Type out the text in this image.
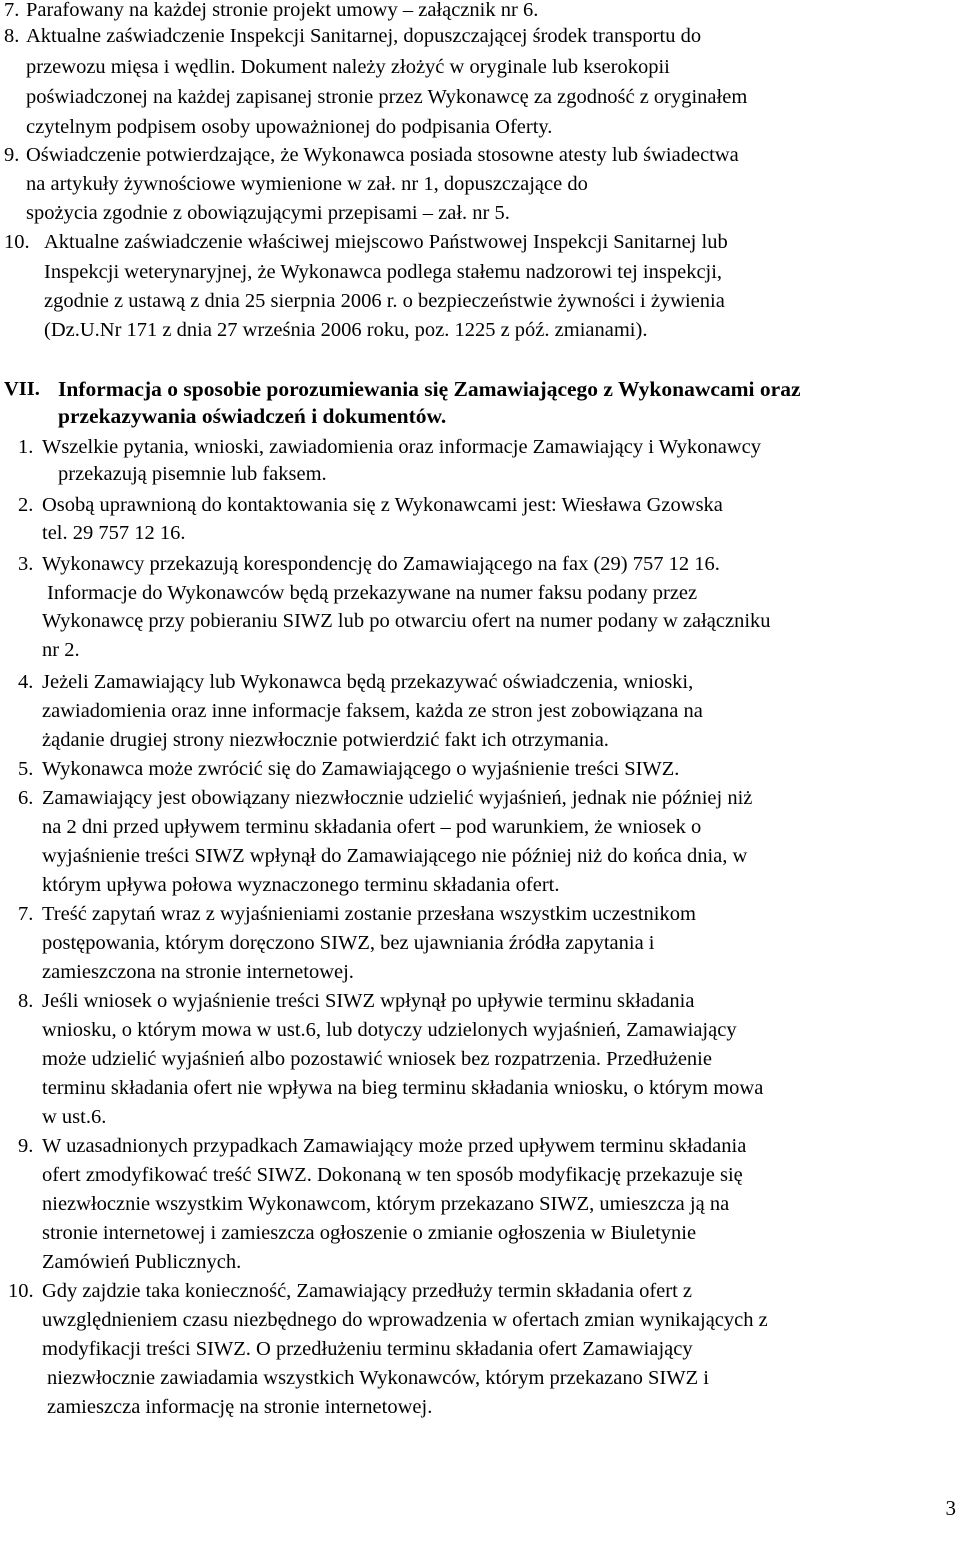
7. Parafowany na każdej stronie projekt umowy – załącznik nr 6.
8. Aktualne zaświadczenie Inspekcji Sanitarnej, dopuszczającej środek transportu do
przewozu mięsa i wędlin. Dokument należy złożyć w oryginale lub kserokopii
poświadczonej na każdej zapisanej stronie przez Wykonawcę za zgodność z oryginałem
czytelnym podpisem osoby upoważnionej do podpisania Oferty.
9. Oświadczenie potwierdzające, że Wykonawca posiada stosowne atesty lub świadectwa
na artykuły żywnościowe wymienione w zał. nr 1, dopuszczające do
spożycia zgodnie z obowiązującymi przepisami – zał. nr 5.
10. Aktualne zaświadczenie właściwej miejscowo Państwowej Inspekcji Sanitarnej lub
Inspekcji weterynaryjnej, że Wykonawca podlega stałemu nadzorowi tej inspekcji,
zgodnie z ustawą z dnia 25 sierpnia 2006 r. o bezpieczeństwie żywności i żywienia
(Dz.U.Nr 171 z dnia 27 września 2006 roku, poz. 1225 z póź. zmianami).
VII. Informacja o sposobie porozumiewania się Zamawiającego z Wykonawcami oraz
przekazywania oświadczeń i dokumentów.
1. Wszelkie pytania, wnioski, zawiadomienia oraz informacje Zamawiający i Wykonawcy
przekazują pisemnie lub faksem.
2. Osobą uprawnioną do kontaktowania się z Wykonawcami jest: Wiesława Gzowska
tel. 29 757 12 16.
3. Wykonawcy przekazują korespondencję do Zamawiającego na fax (29) 757 12 16.
Informacje do Wykonawców będą przekazywane na numer faksu podany przez
Wykonawcę przy pobieraniu SIWZ lub po otwarciu ofert na numer podany w załączniku
nr 2.
4. Jeżeli Zamawiający lub Wykonawca będą przekazywać oświadczenia, wnioski,
zawiadomienia oraz inne informacje faksem, każda ze stron jest zobowiązana na
żądanie drugiej strony niezwłocznie potwierdzić fakt ich otrzymania.
5. Wykonawca może zwrócić się do Zamawiającego o wyjaśnienie treści SIWZ.
6. Zamawiający jest obowiązany niezwłocznie udzielić wyjaśnień, jednak nie później niż
na 2 dni przed upływem terminu składania ofert – pod warunkiem, że wniosek o
wyjaśnienie treści SIWZ wpłynął do Zamawiającego nie później niż do końca dnia, w
którym upływa połowa wyznaczonego terminu składania ofert.
7. Treść zapytań wraz z wyjaśnieniami zostanie przesłana wszystkim uczestnikom
postępowania, którym doręczono SIWZ, bez ujawniania źródła zapytania i
zamieszczona na stronie internetowej.
8. Jeśli wniosek o wyjaśnienie treści SIWZ wpłynął po upływie terminu składania
wniosku, o którym mowa w ust.6, lub dotyczy udzielonych wyjaśnień, Zamawiający
może udzielić wyjaśnień albo pozostawić wniosek bez rozpatrzenia. Przedłużenie
terminu składania ofert nie wpływa na bieg terminu składania wniosku, o którym mowa
w ust.6.
9. W uzasadnionych przypadkach Zamawiający może przed upływem terminu składania
ofert zmodyfikować treść SIWZ. Dokonaną w ten sposób modyfikację przekazuje się
niezwłocznie wszystkim Wykonawcom, którym przekazano SIWZ, umieszcza ją na
stronie internetowej i zamieszcza ogłoszenie o zmianie ogłoszenia w Biuletynie
Zamówień Publicznych.
10. Gdy zajdzie taka konieczność, Zamawiający przedłuży termin składania ofert z
uwzględnieniem czasu niezbędnego do wprowadzenia w ofertach zmian wynikających z
modyfikacji treści SIWZ. O przedłużeniu terminu składania ofert Zamawiający
niezwłocznie zawiadamia wszystkich Wykonawców, którym przekazano SIWZ i
zamieszcza informację na stronie internetowej.
3
